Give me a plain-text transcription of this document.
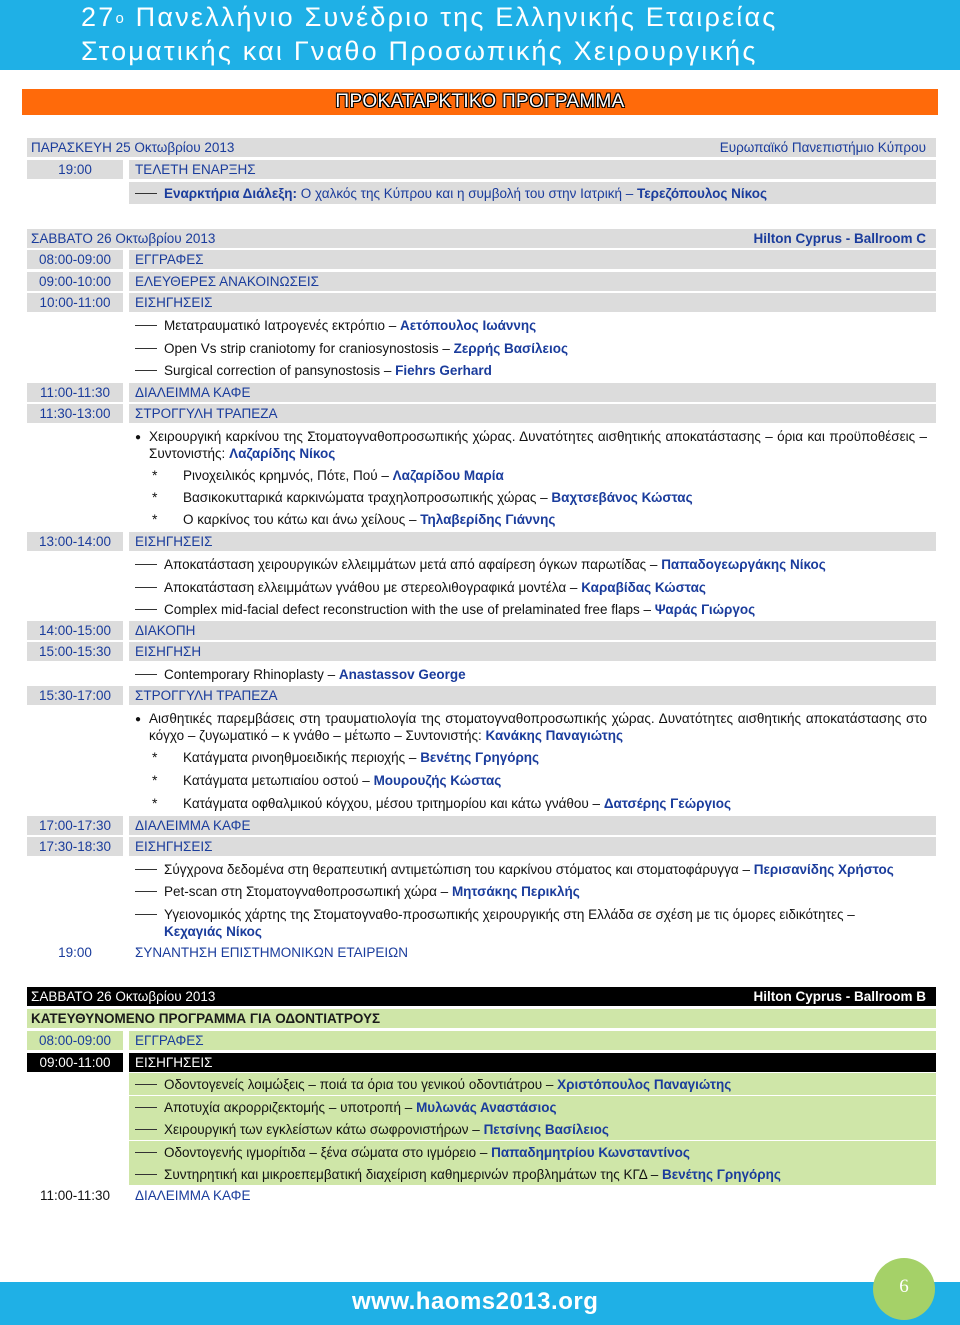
$27^o$ Πανελλήνιο Συνέδριο της Ελληνικής Εταιρείας
Στοματικής και Γναθο Προσωπικής Χειρουργικής
ΠΡΟΚΑΤΑΡΚΤΙΚΟ ΠΡΟΓΡΑΜΜΑ
ΠΑΡΑΣΚΕΥΗ 25 Οκτωβρίου 2013	Ευρωπαϊκό Πανεπιστήμιο Κύπρου
19:00	ΤΕΛΕΤΗ ΕΝΑΡΞΗΣ
Εναρκτήρια Διάλεξη: Ο χαλκός της Κύπρου και η συμβολή του στην Ιατρική – Τερεζόπουλος Νίκος
ΣΑΒΒΑΤΟ 26 Οκτωβρίου 2013	Hilton Cyprus - Ballroom C
08:00-09:00	ΕΓΓΡΑΦΕΣ
09:00-10:00	ΕΛΕΥΘΕΡΕΣ ΑΝΑΚΟΙΝΩΣΕΙΣ
10:00-11:00	ΕΙΣΗΓΗΣΕΙΣ
Μετατραυματικό Ιατρογενές εκτρόπιο – Αετόπουλος Ιωάννης
Open Vs strip craniotomy for craniosynostosis – Ζερρής Βασίλειος
Surgical correction of pansynostosis – Fiehrs Gerhard
11:00-11:30	ΔΙΑΛΕΙΜΜΑ ΚΑΦΕ
11:30-13:00	ΣΤΡΟΓΓΥΛΗ ΤΡΑΠΕΖΑ
● Χειρουργική καρκίνου της Στοματογναθοπροσωπικής χώρας. Δυνατότητες αισθητικής αποκατάστασης – όρια και προϋποθέσεις – Συντονιστής: Λαζαρίδης Νίκος
* Ρινοχειλικός κρημνός, Πότε, Πού – Λαζαρίδου Μαρία
* Βασικοκυτταρικά καρκινώματα τραχηλοπροσωπικής χώρας – Βαχτσεβάνος Κώστας
* Ο καρκίνος του κάτω και άνω χείλους – Τηλαβερίδης Γιάννης
13:00-14:00	ΕΙΣΗΓΗΣΕΙΣ
Αποκατάσταση χειρουργικών ελλειμμάτων μετά από αφαίρεση όγκων παρωτίδας – Παπαδογεωργάκης Νίκος
Αποκατάσταση ελλειμμάτων γνάθου με στερεολιθογραφικά μοντέλα – Καραβίδας Κώστας
Complex mid-facial defect reconstruction with the use of prelaminated free flaps – Ψαράς Γιώργος
14:00-15:00	ΔΙΑΚΟΠΗ
15:00-15:30	ΕΙΣΗΓΗΣΗ
Contemporary Rhinoplasty – Anastassov George
15:30-17:00	ΣΤΡΟΓΓΥΛΗ ΤΡΑΠΕΖΑ
● Αισθητικές παρεμβάσεις στη τραυματιολογία της στοματογναθοπροσωπικής χώρας. Δυνατότητες αισθητικής αποκατάστασης στο κόγχο – ζυγωματικό – κ γνάθο – μέτωπο – Συντονιστής: Κανάκης Παναγιώτης
* Κατάγματα ρινοηθμοειδικής περιοχής – Βενέτης Γρηγόρης
* Κατάγματα μετωπιαίου οστού – Μουρουζής Κώστας
* Κατάγματα οφθαλμικού κόγχου, μέσου τριτημορίου και κάτω γνάθου – Δατσέρης Γεώργιος
17:00-17:30	ΔΙΑΛΕΙΜΜΑ ΚΑΦΕ
17:30-18:30	ΕΙΣΗΓΗΣΕΙΣ
Σύγχρονα δεδομένα στη θεραπευτική αντιμετώπιση του καρκίνου στόματος και στοματοφάρυγγα – Περισανίδης Χρήστος
Pet-scan στη Στοματογναθοπροσωπική χώρα – Μητσάκης Περικλής
Υγειονομικός χάρτης της Στοματογναθο-προσωπικής χειρουργικής στη Ελλάδα σε σχέση με τις όμορες ειδικότητες –
Κεχαγιάς Νίκος
19:00	ΣΥΝΑΝΤΗΣΗ ΕΠΙΣΤΗΜΟΝΙΚΩΝ ΕΤΑΙΡΕΙΩΝ
ΣΑΒΒΑΤΟ 26 Οκτωβρίου 2013	Hilton Cyprus - Ballroom B
ΚΑΤΕΥΘΥΝΟΜΕΝΟ ΠΡΟΓΡΑΜΜΑ ΓΙΑ ΟΔΟΝΤΙΑΤΡΟΥΣ
08:00-09:00	ΕΓΓΡΑΦΕΣ
09:00-11:00	ΕΙΣΗΓΗΣΕΙΣ
Οδοντογενείς λοιμώξεις – ποιά τα όρια του γενικού οδοντιάτρου – Χριστόπουλος Παναγιώτης
Αποτυχία ακρορριζεκτομής – υποτροπή – Μυλωνάς Αναστάσιος
Χειρουργική των εγκλείστων κάτω σωφρονιστήρων – Πετσίνης Βασίλειος
Οδοντογενής ιγμορίτιδα – ξένα σώματα στο ιγμόρειο – Παπαδημητρίου Κωνσταντίνος
Συντηρητική και μικροεπεμβατική διαχείριση καθημερινών προβλημάτων της ΚΓΔ – Βενέτης Γρηγόρης
11:00-11:30	ΔΙΑΛΕΙΜΜΑ ΚΑΦΕ
www.haoms2013.org
6
